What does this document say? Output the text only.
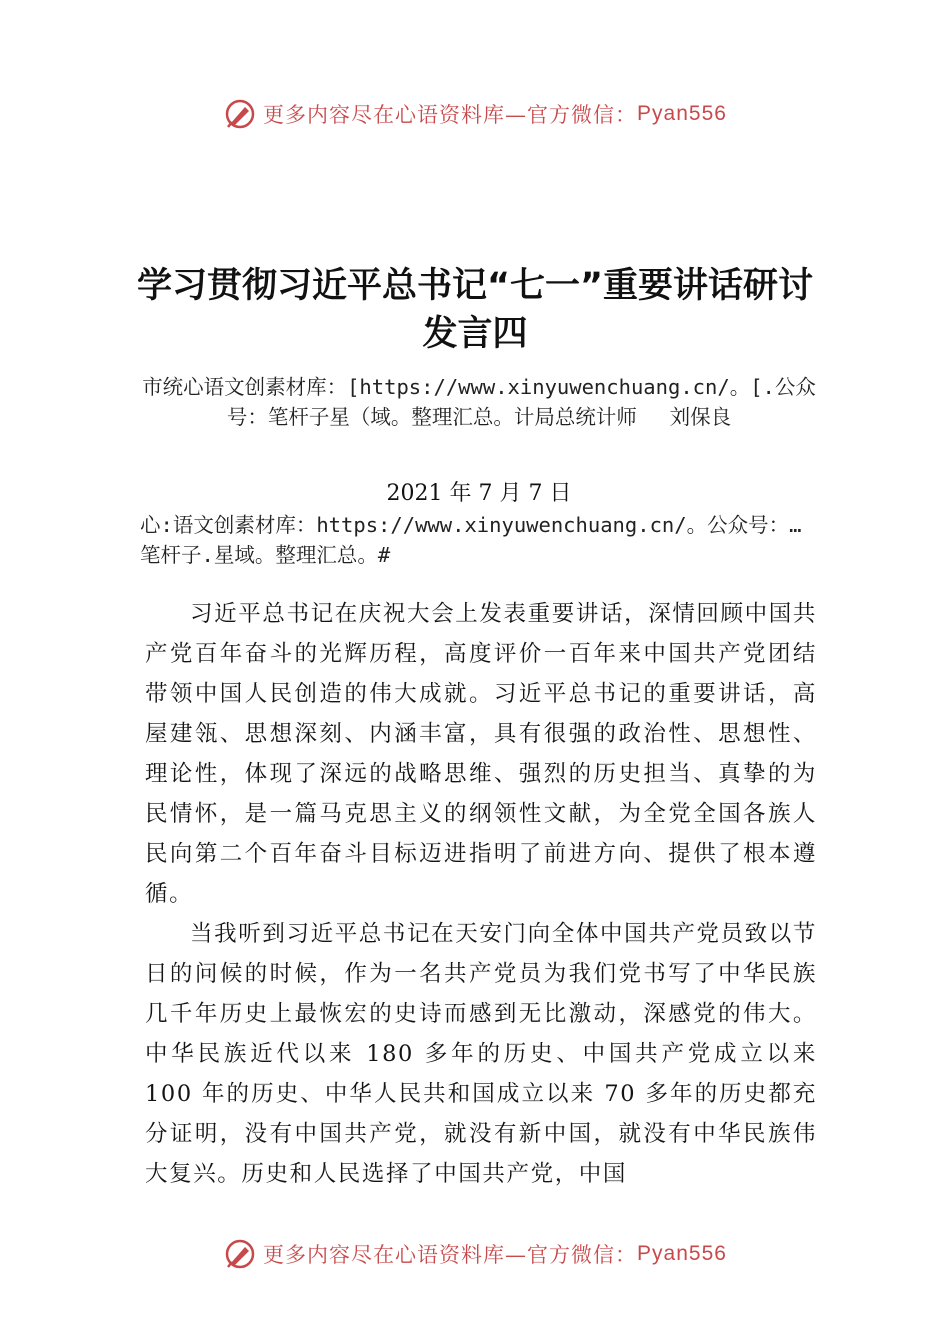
更多内容尽在心语资料库—官方微信： Pyan556
学习贯彻习近平总书记“七一”重要讲话研讨发言四
市统心语文创素材库：[https://www.xinyuwenchuang.cn/。[.公众号：笔杆子星（域。整理汇总。计局总统计师　 刘保良
2021 年 7 月 7 日
心:语文创素材库：https://www.xinyuwenchuang.cn/。公众号：…笔杆子.星域。整理汇总。#

习近平总书记在庆祝大会上发表重要讲话，深情回顾中国共产党百年奋斗的光辉历程，高度评价一百年来中国共产党团结带领中国人民创造的伟大成就。习近平总书记的重要讲话，高屋建瓴、思想深刻、内涵丰富，具有很强的政治性、思想性、理论性，体现了深远的战略思维、强烈的历史担当、真挚的为民情怀，是一篇马克思主义的纲领性文献，为全党全国各族人民向第二个百年奋斗目标迈进指明了前进方向、提供了根本遵循。

当我听到习近平总书记在天安门向全体中国共产党员致以节日的问候的时候，作为一名共产党员为我们党书写了中华民族几千年历史上最恢宏的史诗而感到无比激动，深感党的伟大。中华民族近代以来 180 多年的历史、中国共产党成立以来 100 年的历史、中华人民共和国成立以来 70 多年的历史都充分证明，没有中国共产党，就没有新中国，就没有中华民族伟大复兴。历史和人民选择了中国共产党，中国

更多内容尽在心语资料库—官方微信： Pyan556
